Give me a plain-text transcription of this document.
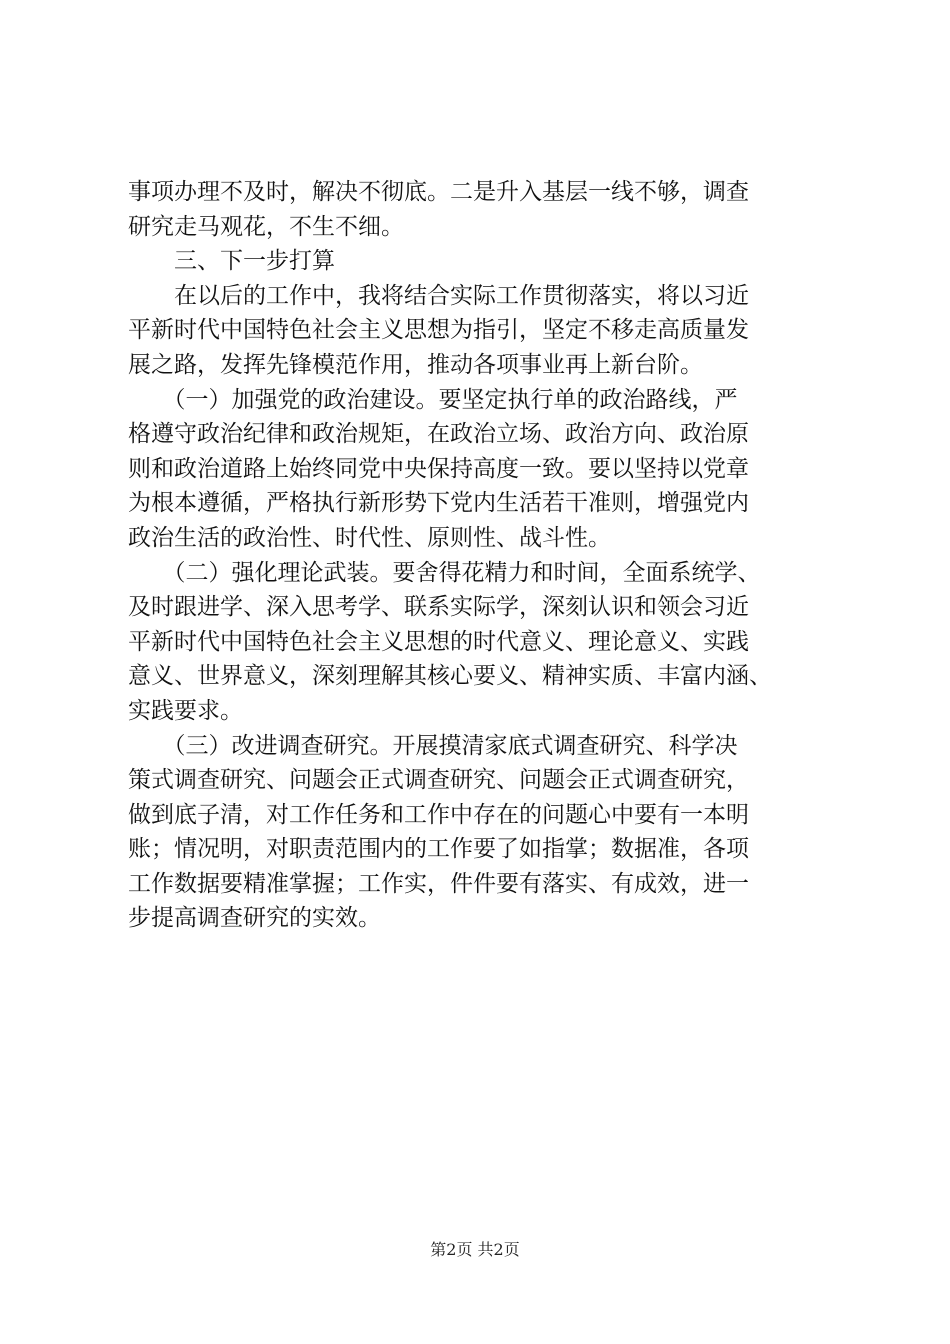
事项办理不及时，解决不彻底。二是升入基层一线不够，调查
研究走马观花，不生不细。
　　三、下一步打算
　　在以后的工作中，我将结合实际工作贯彻落实，将以习近
平新时代中国特色社会主义思想为指引，坚定不移走高质量发
展之路，发挥先锋模范作用，推动各项事业再上新台阶。
　　（一）加强党的政治建设。要坚定执行单的政治路线，严
格遵守政治纪律和政治规矩，在政治立场、政治方向、政治原
则和政治道路上始终同党中央保持高度一致。要以坚持以党章
为根本遵循，严格执行新形势下党内生活若干准则，增强党内
政治生活的政治性、时代性、原则性、战斗性。
　　（二）强化理论武装。要舍得花精力和时间，全面系统学、
及时跟进学、深入思考学、联系实际学，深刻认识和领会习近
平新时代中国特色社会主义思想的时代意义、理论意义、实践
意义、世界意义，深刻理解其核心要义、精神实质、丰富内涵、
实践要求。
　　（三）改进调查研究。开展摸清家底式调查研究、科学决
策式调查研究、问题会正式调查研究、问题会正式调查研究，
做到底子清，对工作任务和工作中存在的问题心中要有一本明
账；情况明，对职责范围内的工作要了如指掌；数据准，各项
工作数据要精准掌握；工作实，件件要有落实、有成效，进一
步提高调查研究的实效。
第2页 共2页
